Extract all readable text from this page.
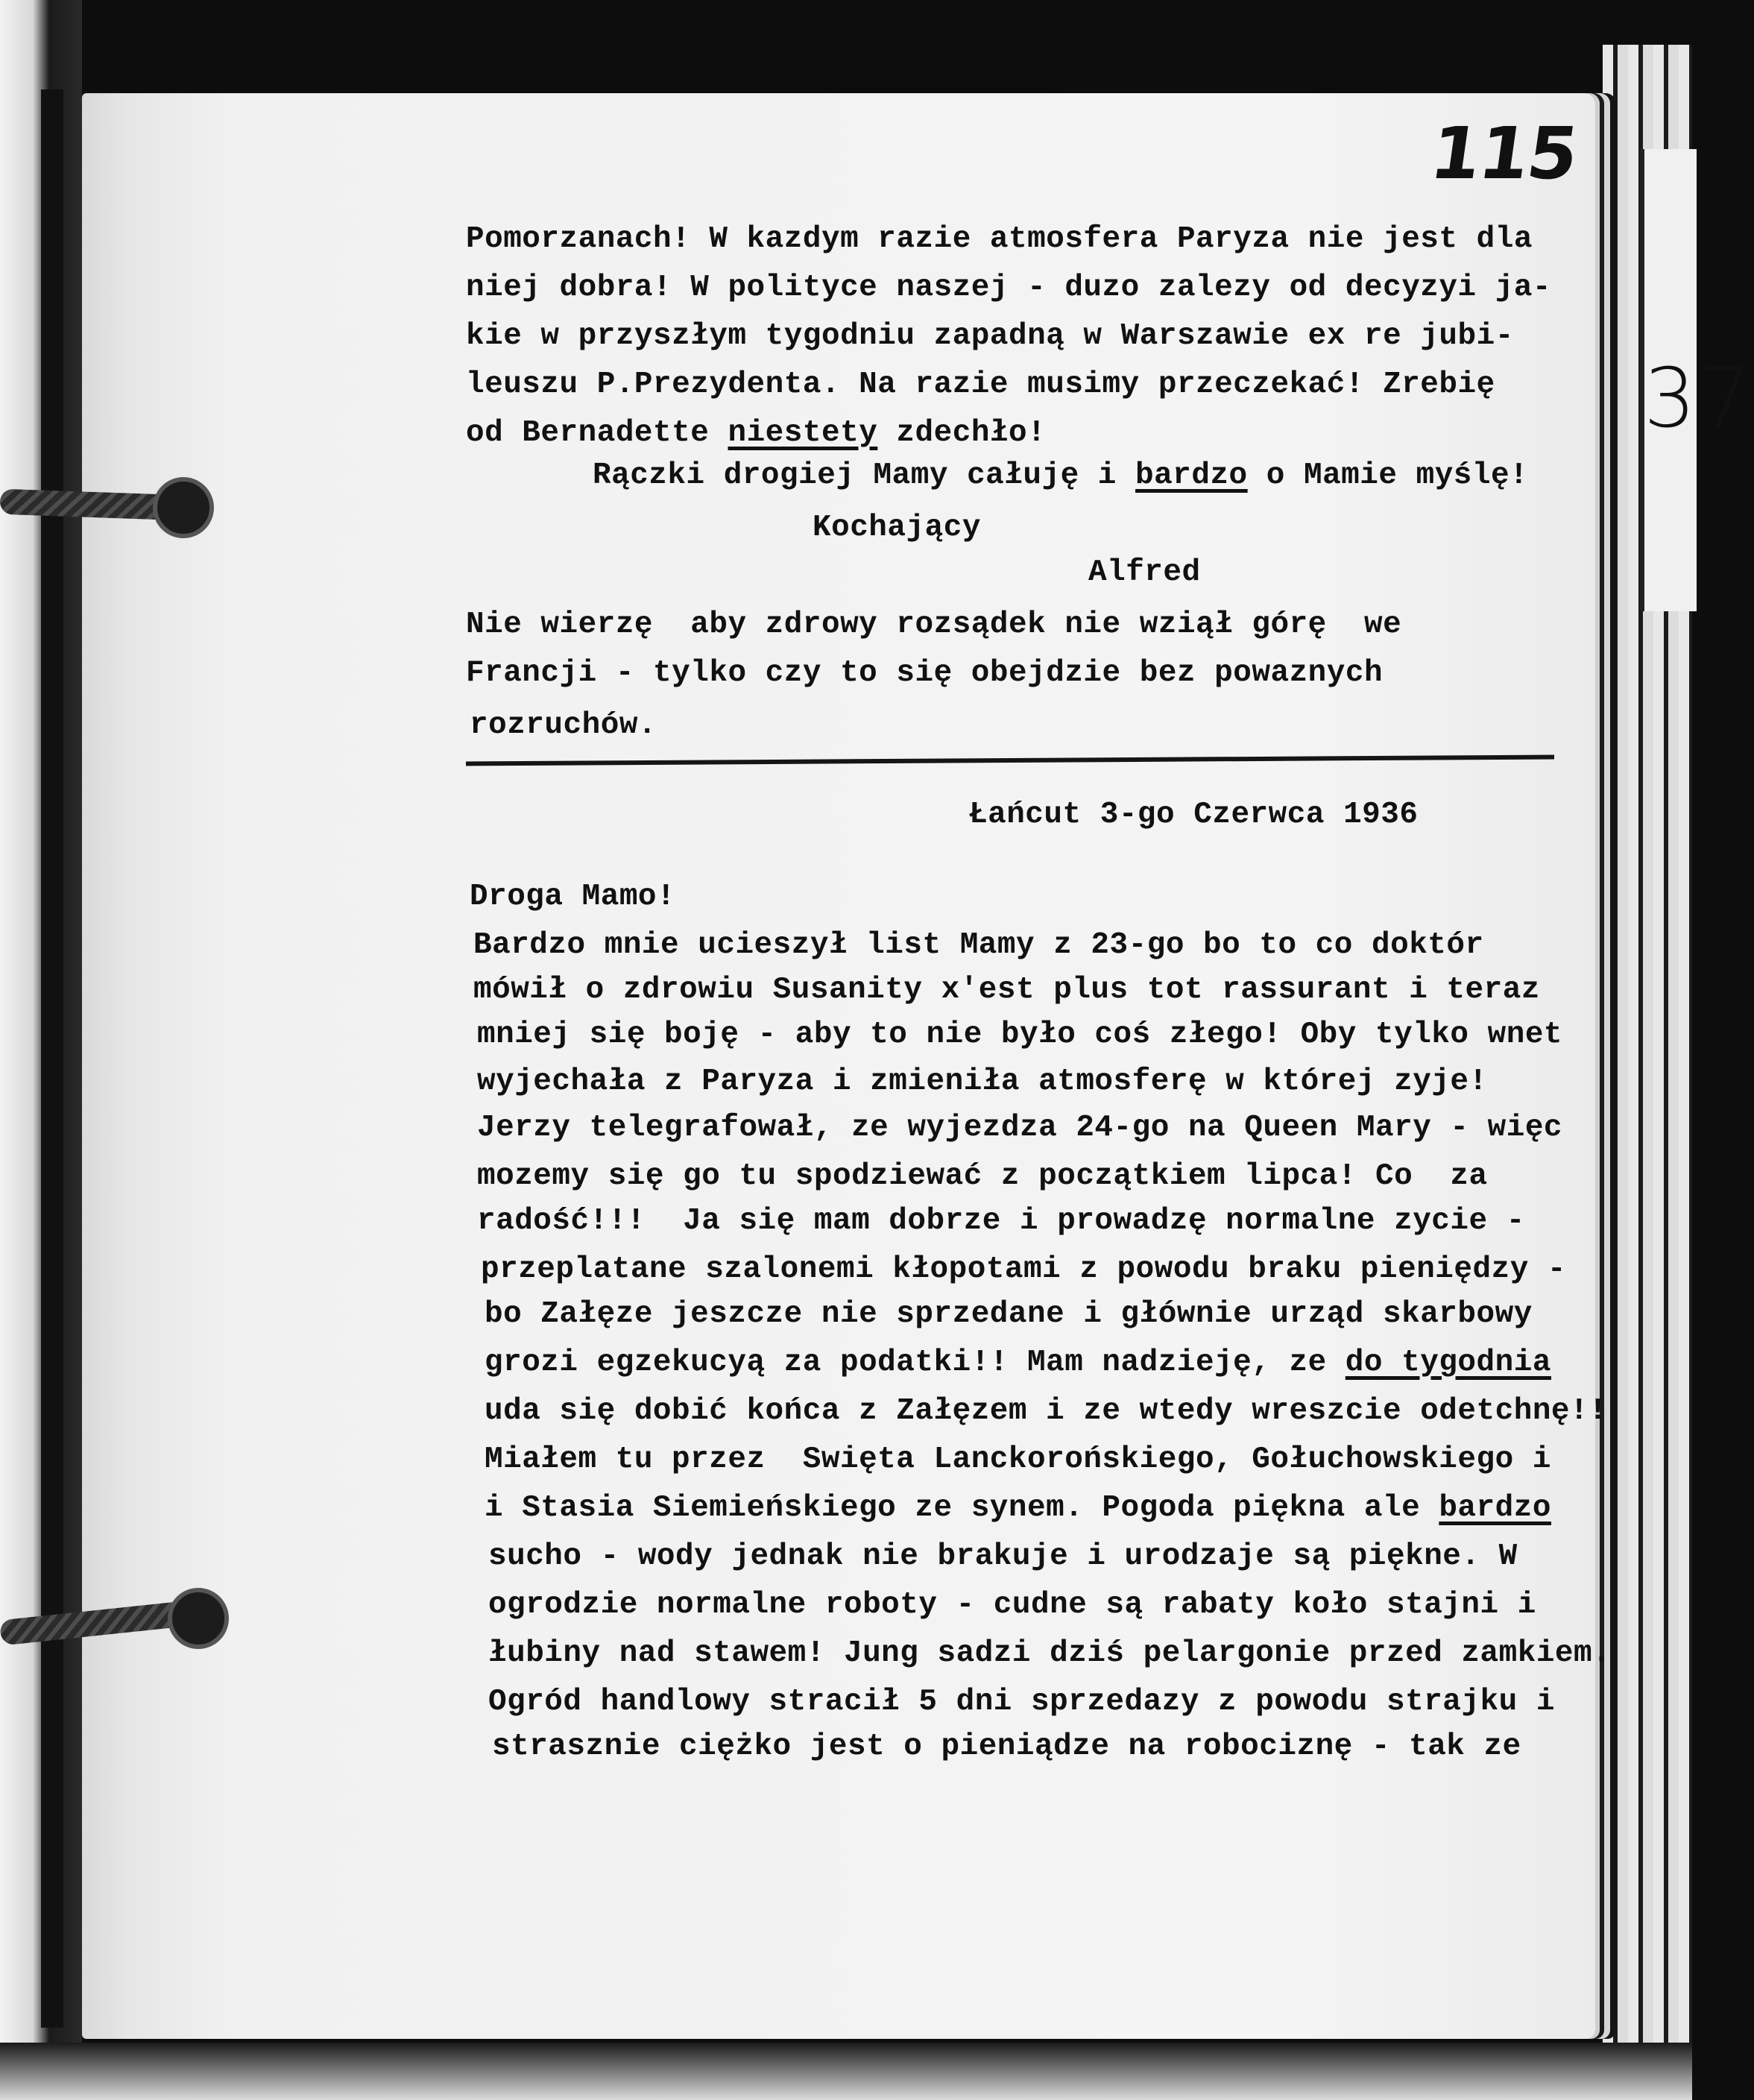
37
115
Pomorzanach! W kazdym razie atmosfera Paryza nie jest dla
niej dobra! W polityce naszej - duzo zalezy od decyzyi ja-
kie w przyszłym tygodniu zapadną w Warszawie ex re jubi-
leuszu P.Prezydenta. Na razie musimy przeczekać! Zrebię
od Bernadette niestety zdechło!
Rączki drogiej Mamy całuję i bardzo o Mamie myślę!
Kochający
Alfred
Nie wierzę  aby zdrowy rozsądek nie wziął górę  we
Francji - tylko czy to się obejdzie bez powaznych
rozruchów.
Łańcut 3-go Czerwca 1936
Droga Mamo!
Bardzo mnie ucieszył list Mamy z 23-go bo to co doktór
mówił o zdrowiu Susanity x'est plus tot rassurant i teraz
mniej się boję - aby to nie było coś złego! Oby tylko wnet
wyjechała z Paryza i zmieniła atmosferę w której zyje!
Jerzy telegrafował, ze wyjezdza 24-go na Queen Mary - więc
mozemy się go tu spodziewać z początkiem lipca! Co  za
radość!!!  Ja się mam dobrze i prowadzę normalne zycie -
przeplatane szalonemi kłopotami z powodu braku pieniędzy -
bo Załęze jeszcze nie sprzedane i głównie urząd skarbowy
grozi egzekucyą za podatki!! Mam nadzieję, ze do tygodnia
uda się dobić końca z Załęzem i ze wtedy wreszcie odetchnę!!
Miałem tu przez  Swięta Lanckorońskiego, Gołuchowskiego i
i Stasia Siemieńskiego ze synem. Pogoda piękna ale bardzo
sucho - wody jednak nie brakuje i urodzaje są piękne. W
ogrodzie normalne roboty - cudne są rabaty koło stajni i
łubiny nad stawem! Jung sadzi dziś pelargonie przed zamkiem.
Ogród handlowy stracił 5 dni sprzedazy z powodu strajku i
strasznie ciężko jest o pieniądze na robociznę - tak ze
